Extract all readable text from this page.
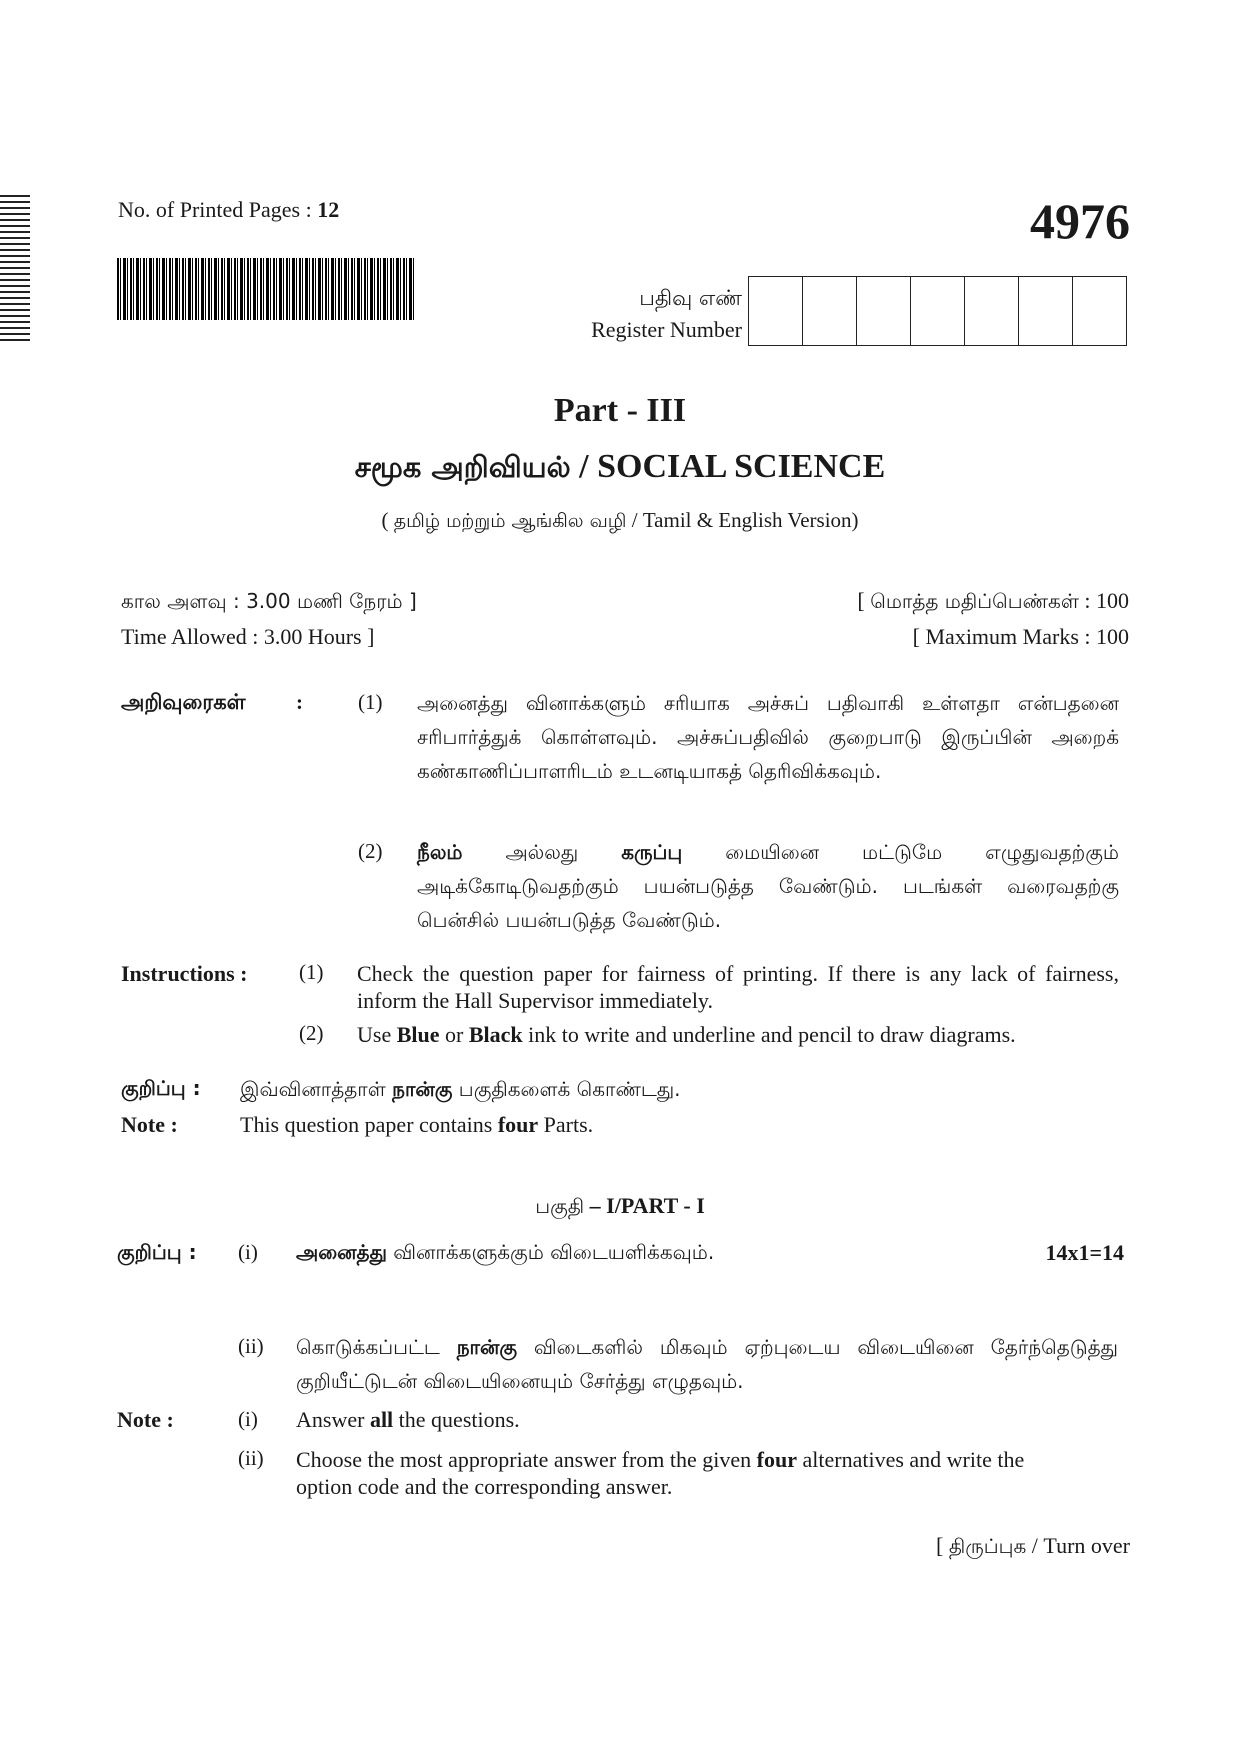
No. of Printed Pages : 12	4976
பதிவு எண்
Register Number
Part - III
சமூக அறிவியல் / SOCIAL SCIENCE
( தமிழ் மற்றும் ஆங்கில வழி / Tamil & English Version)
கால அளவு : 3.00 மணி நேரம் ]
Time Allowed : 3.00 Hours ]
[ மொத்த மதிப்பெண்கள் : 100
[ Maximum Marks : 100
அறிவுரைகள் :	(1) அனைத்து வினாக்களும் சரியாக அச்சுப் பதிவாகி உள்ளதா என்பதனை சரிபார்த்துக் கொள்ளவும். அச்சுப்பதிவில் குறைபாடு இருப்பின் அறைக் கண்காணிப்பாளரிடம் உடனடியாகத் தெரிவிக்கவும்.
(2) நீலம் அல்லது கருப்பு மையினை மட்டுமே எழுதுவதற்கும் அடிக்கோடிடுவதற்கும் பயன்படுத்த வேண்டும். படங்கள் வரைவதற்கு பென்சில் பயன்படுத்த வேண்டும்.
Instructions : (1) Check the question paper for fairness of printing. If there is any lack of fairness, inform the Hall Supervisor immediately.
(2) Use Blue or Black ink to write and underline and pencil to draw diagrams.
குறிப்பு : இவ்வினாத்தாள் நான்கு பகுதிகளைக் கொண்டது.
Note :	This question paper contains four Parts.
பகுதி – I/PART - I
குறிப்பு : (i) அனைத்து வினாக்களுக்கும் விடையளிக்கவும்.	14x1=14
(ii) கொடுக்கப்பட்ட நான்கு விடைகளில் மிகவும் ஏற்புடைய விடையினை தேர்ந்தெடுத்து குறியீட்டுடன் விடையினையும் சேர்த்து எழுதவும்.
Note :	(i) Answer all the questions.
(ii) Choose the most appropriate answer from the given four alternatives and write the option code and the corresponding answer.
[ திருப்புக / Turn over
